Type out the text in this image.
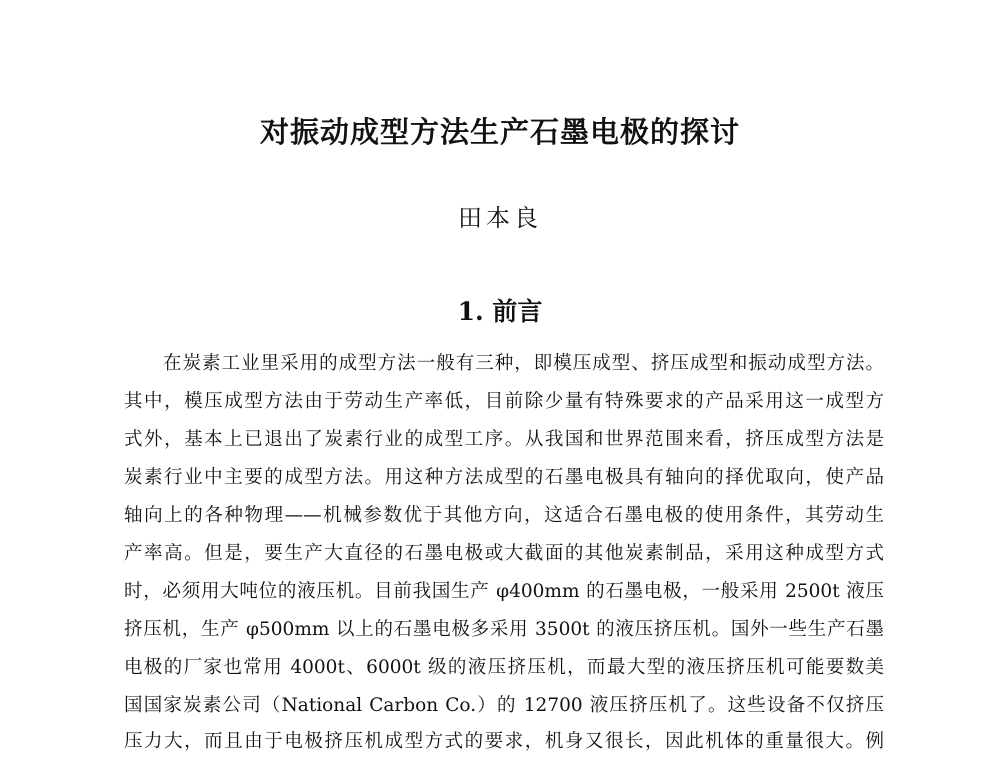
对振动成型方法生产石墨电极的探讨
田本良
1. 前言

在炭素工业里采用的成型方法一般有三种，即模压成型、挤压成型和振动成型方法。

其中，模压成型方法由于劳动生产率低，目前除少量有特殊要求的产品采用这一成型方

式外，基本上已退出了炭素行业的成型工序。从我国和世界范围来看，挤压成型方法是

炭素行业中主要的成型方法。用这种方法成型的石墨电极具有轴向的择优取向，使产品

轴向上的各种物理——机械参数优于其他方向，这适合石墨电极的使用条件，其劳动生

产率高。但是，要生产大直径的石墨电极或大截面的其他炭素制品，采用这种成型方式

时，必须用大吨位的液压机。目前我国生产 φ400mm 的石墨电极，一般采用 2500t 液压

挤压机，生产 φ500mm 以上的石墨电极多采用 3500t 的液压挤压机。国外一些生产石墨

电极的厂家也常用 4000t、6000t 级的液压挤压机，而最大型的液压挤压机可能要数美

国国家炭素公司（National Carbon Co.）的 12700 液压挤压机了。这些设备不仅挤压

压力大，而且由于电极挤压机成型方式的要求，机身又很长，因此机体的重量很大。例
